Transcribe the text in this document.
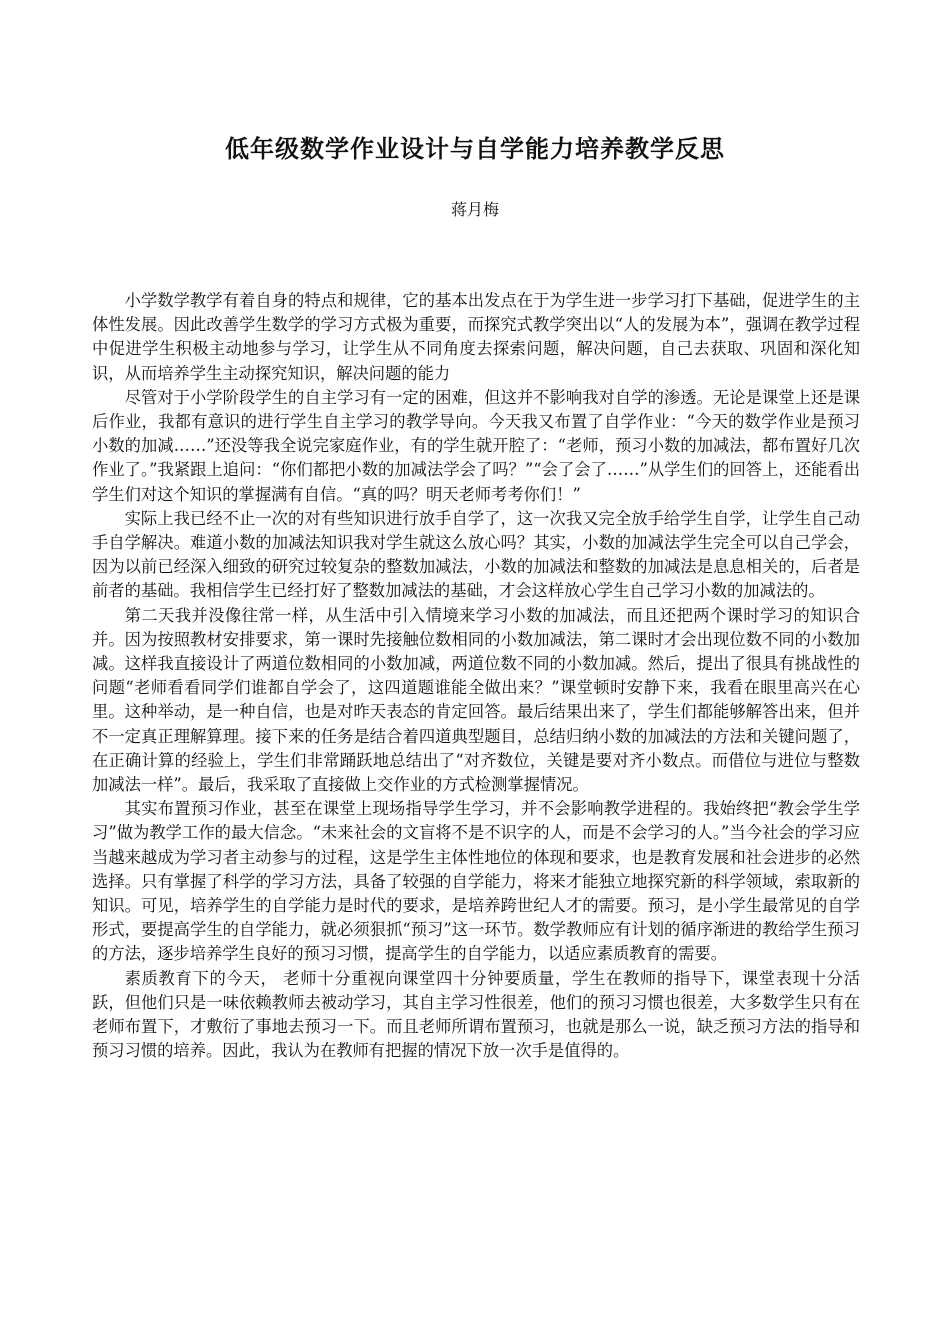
低年级数学作业设计与自学能力培养教学反思
蒋月梅

小学数学教学有着自身的特点和规律，它的基本出发点在于为学生进一步学习打下基础，促进学生的主体性发展。因此改善学生数学的学习方式极为重要，而探究式教学突出以“人的发展为本”，强调在教学过程中促进学生积极主动地参与学习，让学生从不同角度去探索问题，解决问题，自己去获取、巩固和深化知识，从而培养学生主动探究知识，解决问题的能力

尽管对于小学阶段学生的自主学习有一定的困难，但这并不影响我对自学的渗透。无论是课堂上还是课后作业，我都有意识的进行学生自主学习的教学导向。今天我又布置了自学作业：“今天的数学作业是预习小数的加减……”还没等我全说完家庭作业，有的学生就开腔了：“老师，预习小数的加减法，都布置好几次作业了。”我紧跟上追问：“你们都把小数的加减法学会了吗？”“会了会了……”从学生们的回答上，还能看出学生们对这个知识的掌握满有自信。“真的吗？明天老师考考你们！”

实际上我已经不止一次的对有些知识进行放手自学了，这一次我又完全放手给学生自学，让学生自己动手自学解决。难道小数的加减法知识我对学生就这么放心吗？其实，小数的加减法学生完全可以自己学会，因为以前已经深入细致的研究过较复杂的整数加减法，小数的加减法和整数的加减法是息息相关的，后者是前者的基础。我相信学生已经打好了整数加减法的基础，才会这样放心学生自己学习小数的加减法的。

第二天我并没像往常一样，从生活中引入情境来学习小数的加减法，而且还把两个课时学习的知识合并。因为按照教材安排要求，第一课时先接触位数相同的小数加减法，第二课时才会出现位数不同的小数加减。这样我直接设计了两道位数相同的小数加减，两道位数不同的小数加减。然后，提出了很具有挑战性的问题“老师看看同学们谁都自学会了，这四道题谁能全做出来？”课堂顿时安静下来，我看在眼里高兴在心里。这种举动，是一种自信，也是对昨天表态的肯定回答。最后结果出来了，学生们都能够解答出来，但并不一定真正理解算理。接下来的任务是结合着四道典型题目，总结归纳小数的加减法的方法和关键问题了，在正确计算的经验上，学生们非常踊跃地总结出了“对齐数位，关键是要对齐小数点。而借位与进位与整数加减法一样”。最后，我采取了直接做上交作业的方式检测掌握情况。

其实布置预习作业，甚至在课堂上现场指导学生学习，并不会影响教学进程的。我始终把“教会学生学习”做为教学工作的最大信念。“未来社会的文盲将不是不识字的人，而是不会学习的人。”当今社会的学习应当越来越成为学习者主动参与的过程，这是学生主体性地位的体现和要求，也是教育发展和社会进步的必然选择。只有掌握了科学的学习方法，具备了较强的自学能力，将来才能独立地探究新的科学领域，索取新的知识。可见，培养学生的自学能力是时代的要求，是培养跨世纪人才的需要。预习，是小学生最常见的自学形式，要提高学生的自学能力，就必须狠抓“预习”这一环节。数学教师应有计划的循序渐进的教给学生预习的方法，逐步培养学生良好的预习习惯，提高学生的自学能力，以适应素质教育的需要。

素质教育下的今天， 老师十分重视向课堂四十分钟要质量，学生在教师的指导下，课堂表现十分活跃，但他们只是一味依赖教师去被动学习，其自主学习性很差，他们的预习习惯也很差，大多数学生只有在老师布置下，才敷衍了事地去预习一下。而且老师所谓布置预习，也就是那么一说，缺乏预习方法的指导和预习习惯的培养。因此，我认为在教师有把握的情况下放一次手是值得的。
